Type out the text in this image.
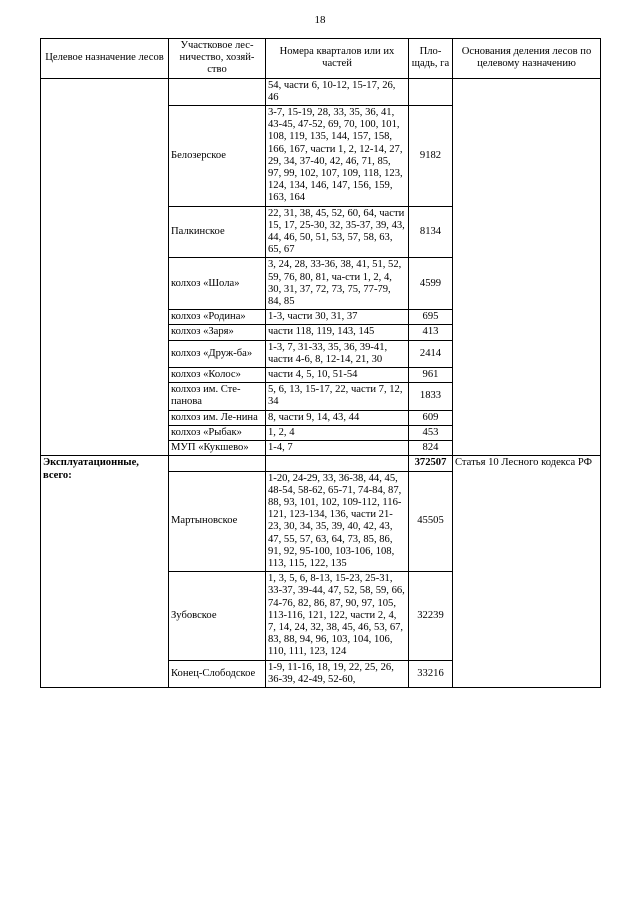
18
Целевое назначение лесов	Участковое лес-ничество, хозяй-ство	Номера кварталов или их частей	Пло-щадь, га	Основания деления лесов по целевому назначению
		54, части 6, 10-12, 15-17, 26, 46		
	Белозерское	3-7, 15-19, 28, 33, 35, 36, 41, 43-45, 47-52, 69, 70, 100, 101, 108, 119, 135, 144, 157, 158, 166, 167, части 1, 2, 12-14, 27, 29, 34, 37-40, 42, 46, 71, 85, 97, 99, 102, 107, 109, 118, 123, 124, 134, 146, 147, 156, 159, 163, 164	9182	
	Палкинское	22, 31, 38, 45, 52, 60, 64, части 15, 17, 25-30, 32, 35-37, 39, 43, 44, 46, 50, 51, 53, 57, 58, 63, 65, 67	8134	
	колхоз «Шола»	3, 24, 28, 33-36, 38, 41, 51, 52, 59, 76, 80, 81, ча-сти 1, 2, 4, 30, 31, 37, 72, 73, 75, 77-79, 84, 85	4599	
	колхоз «Родина»	1-3, части 30, 31, 37	695	
	колхоз «Заря»	части 118, 119, 143, 145	413	
	колхоз «Друж-ба»	1-3, 7, 31-33, 35, 36, 39-41, части 4-6, 8, 12-14, 21, 30	2414	
	колхоз «Колос»	части 4, 5, 10, 51-54	961	
	колхоз им. Сте-панова	5, 6, 13, 15-17, 22, части 7, 12, 34	1833	
	колхоз им. Ле-нина	8, части 9, 14, 43, 44	609	
	колхоз «Рыбак»	1, 2, 4	453	
	МУП «Кукшево»	1-4, 7	824	
Эксплуатационные, всего:			372507	Статья 10 Лесного кодекса РФ
	Мартыновское	1-20, 24-29, 33, 36-38, 44, 45, 48-54, 58-62, 65-71, 74-84, 87, 88, 93, 101, 102, 109-112, 116-121, 123-134, 136, части 21-23, 30, 34, 35, 39, 40, 42, 43, 47, 55, 57, 63, 64, 73, 85, 86, 91, 92, 95-100, 103-106, 108, 113, 115, 122, 135	45505	
	Зубовское	1, 3, 5, 6, 8-13, 15-23, 25-31, 33-37, 39-44, 47, 52, 58, 59, 66, 74-76, 82, 86, 87, 90, 97, 105, 113-116, 121, 122, части 2, 4, 7, 14, 24, 32, 38, 45, 46, 53, 67, 83, 88, 94, 96, 103, 104, 106, 110, 111, 123, 124	32239	
	Конец-Слободское	1-9, 11-16, 18, 19, 22, 25, 26, 36-39, 42-49, 52-60,	33216	
